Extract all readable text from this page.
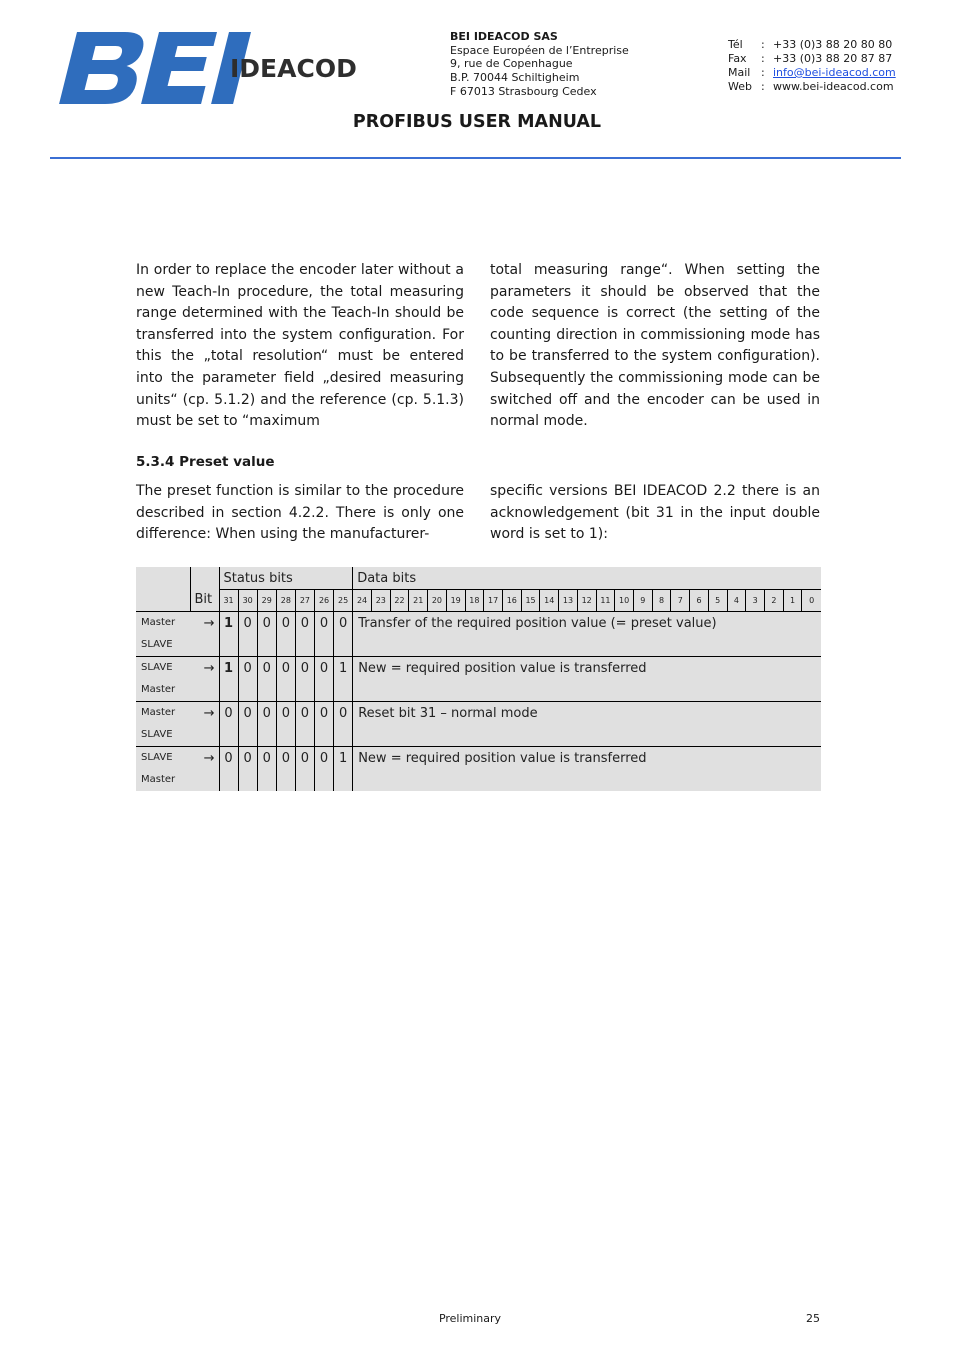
IDEACOD
BEI IDEACOD SAS
Espace Européen de l’Entreprise
9, rue de Copenhague
B.P. 70044 Schiltigheim
F 67013 Strasbourg Cedex
Tél	: +33 (0)3 88 20 80 80
Fax	: +33 (0)3 88 20 87 87
Mail : info@bei-ideacod.com
Web : www.bei-ideacod.com
PROFIBUS USER MANUAL
In order to replace the encoder later without a new Teach-In procedure, the total measuring range determined with the Teach-In should be transferred into the system configuration. For this the „total resolution“ must be entered into the parameter field „desired measuring units“ (cp. 5.1.2) and the reference (cp. 5.1.3) must be set to “maximum
total measuring range“. When setting the parameters it should be observed that the code sequence is correct (the setting of the counting direction in commissioning mode has to be transferred to the system configuration). Subsequently the commissioning mode can be switched off and the encoder can be used in normal mode.
5.3.4 Preset value
The preset function is similar to the procedure described in section 4.2.2. There is only one difference: When using the manufacturer-
specific versions BEI IDEACOD 2.2 there is an acknowledgement (bit 31 in the input double word is set to 1):
		Status bits							Data bits																								
	Bit	31	30	29	28	27	26	25	24	23	22	21	20	19	18	17	16	15	14	13	12	11	10	9	8	7	6	5	4	3	2	1	0

Master
SLAVE	→	1	0	0	0	0	0	0	Transfer of the required position value (= preset value)																								

SLAVE
Master	→	1	0	0	0	0	0	1	New = required position value is transferred																								

Master
SLAVE	→	0	0	0	0	0	0	0	Reset bit 31 – normal mode																								

SLAVE
Master	→	0	0	0	0	0	0	1	New = required position value is transferred																								
Preliminary	25
